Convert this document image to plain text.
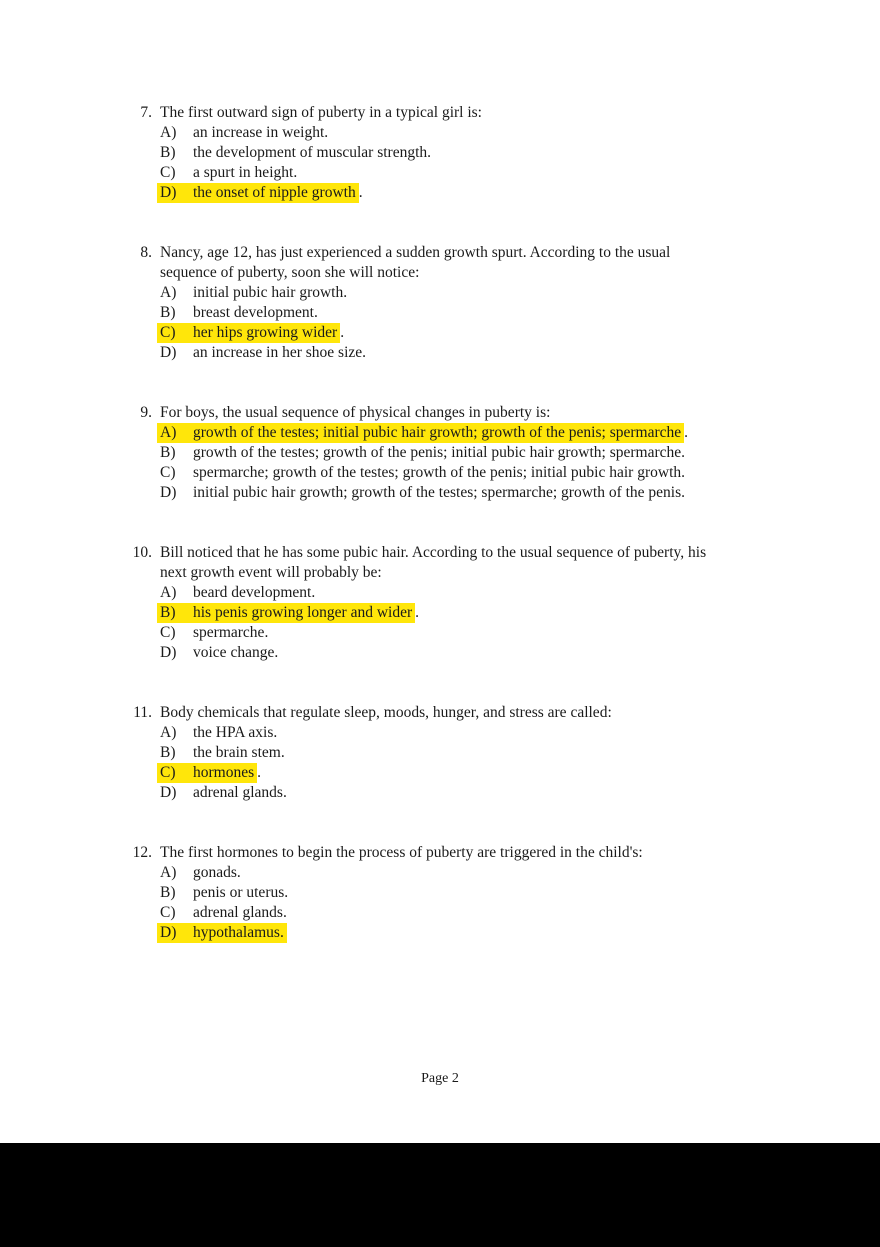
7. The first outward sign of puberty in a typical girl is:
A) an increase in weight.
B) the development of muscular strength.
C) a spurt in height.
D) the onset of nipple growth .
8. Nancy, age 12, has just experienced a sudden growth spurt. According to the usual
sequence of puberty, soon she will notice:
A) initial pubic hair growth.
B) breast development.
C) her hips growing wider .
D) an increase in her shoe size.
9. For boys, the usual sequence of physical changes in puberty is:
A) growth of the testes; initial pubic hair growth; growth of the penis; spermarche .
B) growth of the testes; growth of the penis; initial pubic hair growth; spermarche.
C) spermarche; growth of the testes; growth of the penis; initial pubic hair growth.
D) initial pubic hair growth; growth of the testes; spermarche; growth of the penis.
10. Bill noticed that he has some pubic hair. According to the usual sequence of puberty, his
next growth event will probably be:
A) beard development.
B) his penis growing longer and wider .
C) spermarche.
D) voice change.
11. Body chemicals that regulate sleep, moods, hunger, and stress are called:
A) the HPA axis.
B) the brain stem.
C) hormones .
D) adrenal glands.
12. The first hormones to begin the process of puberty are triggered in the child's:
A) gonads.
B) penis or uterus.
C) adrenal glands.
D) hypothalamus.
Page 2
